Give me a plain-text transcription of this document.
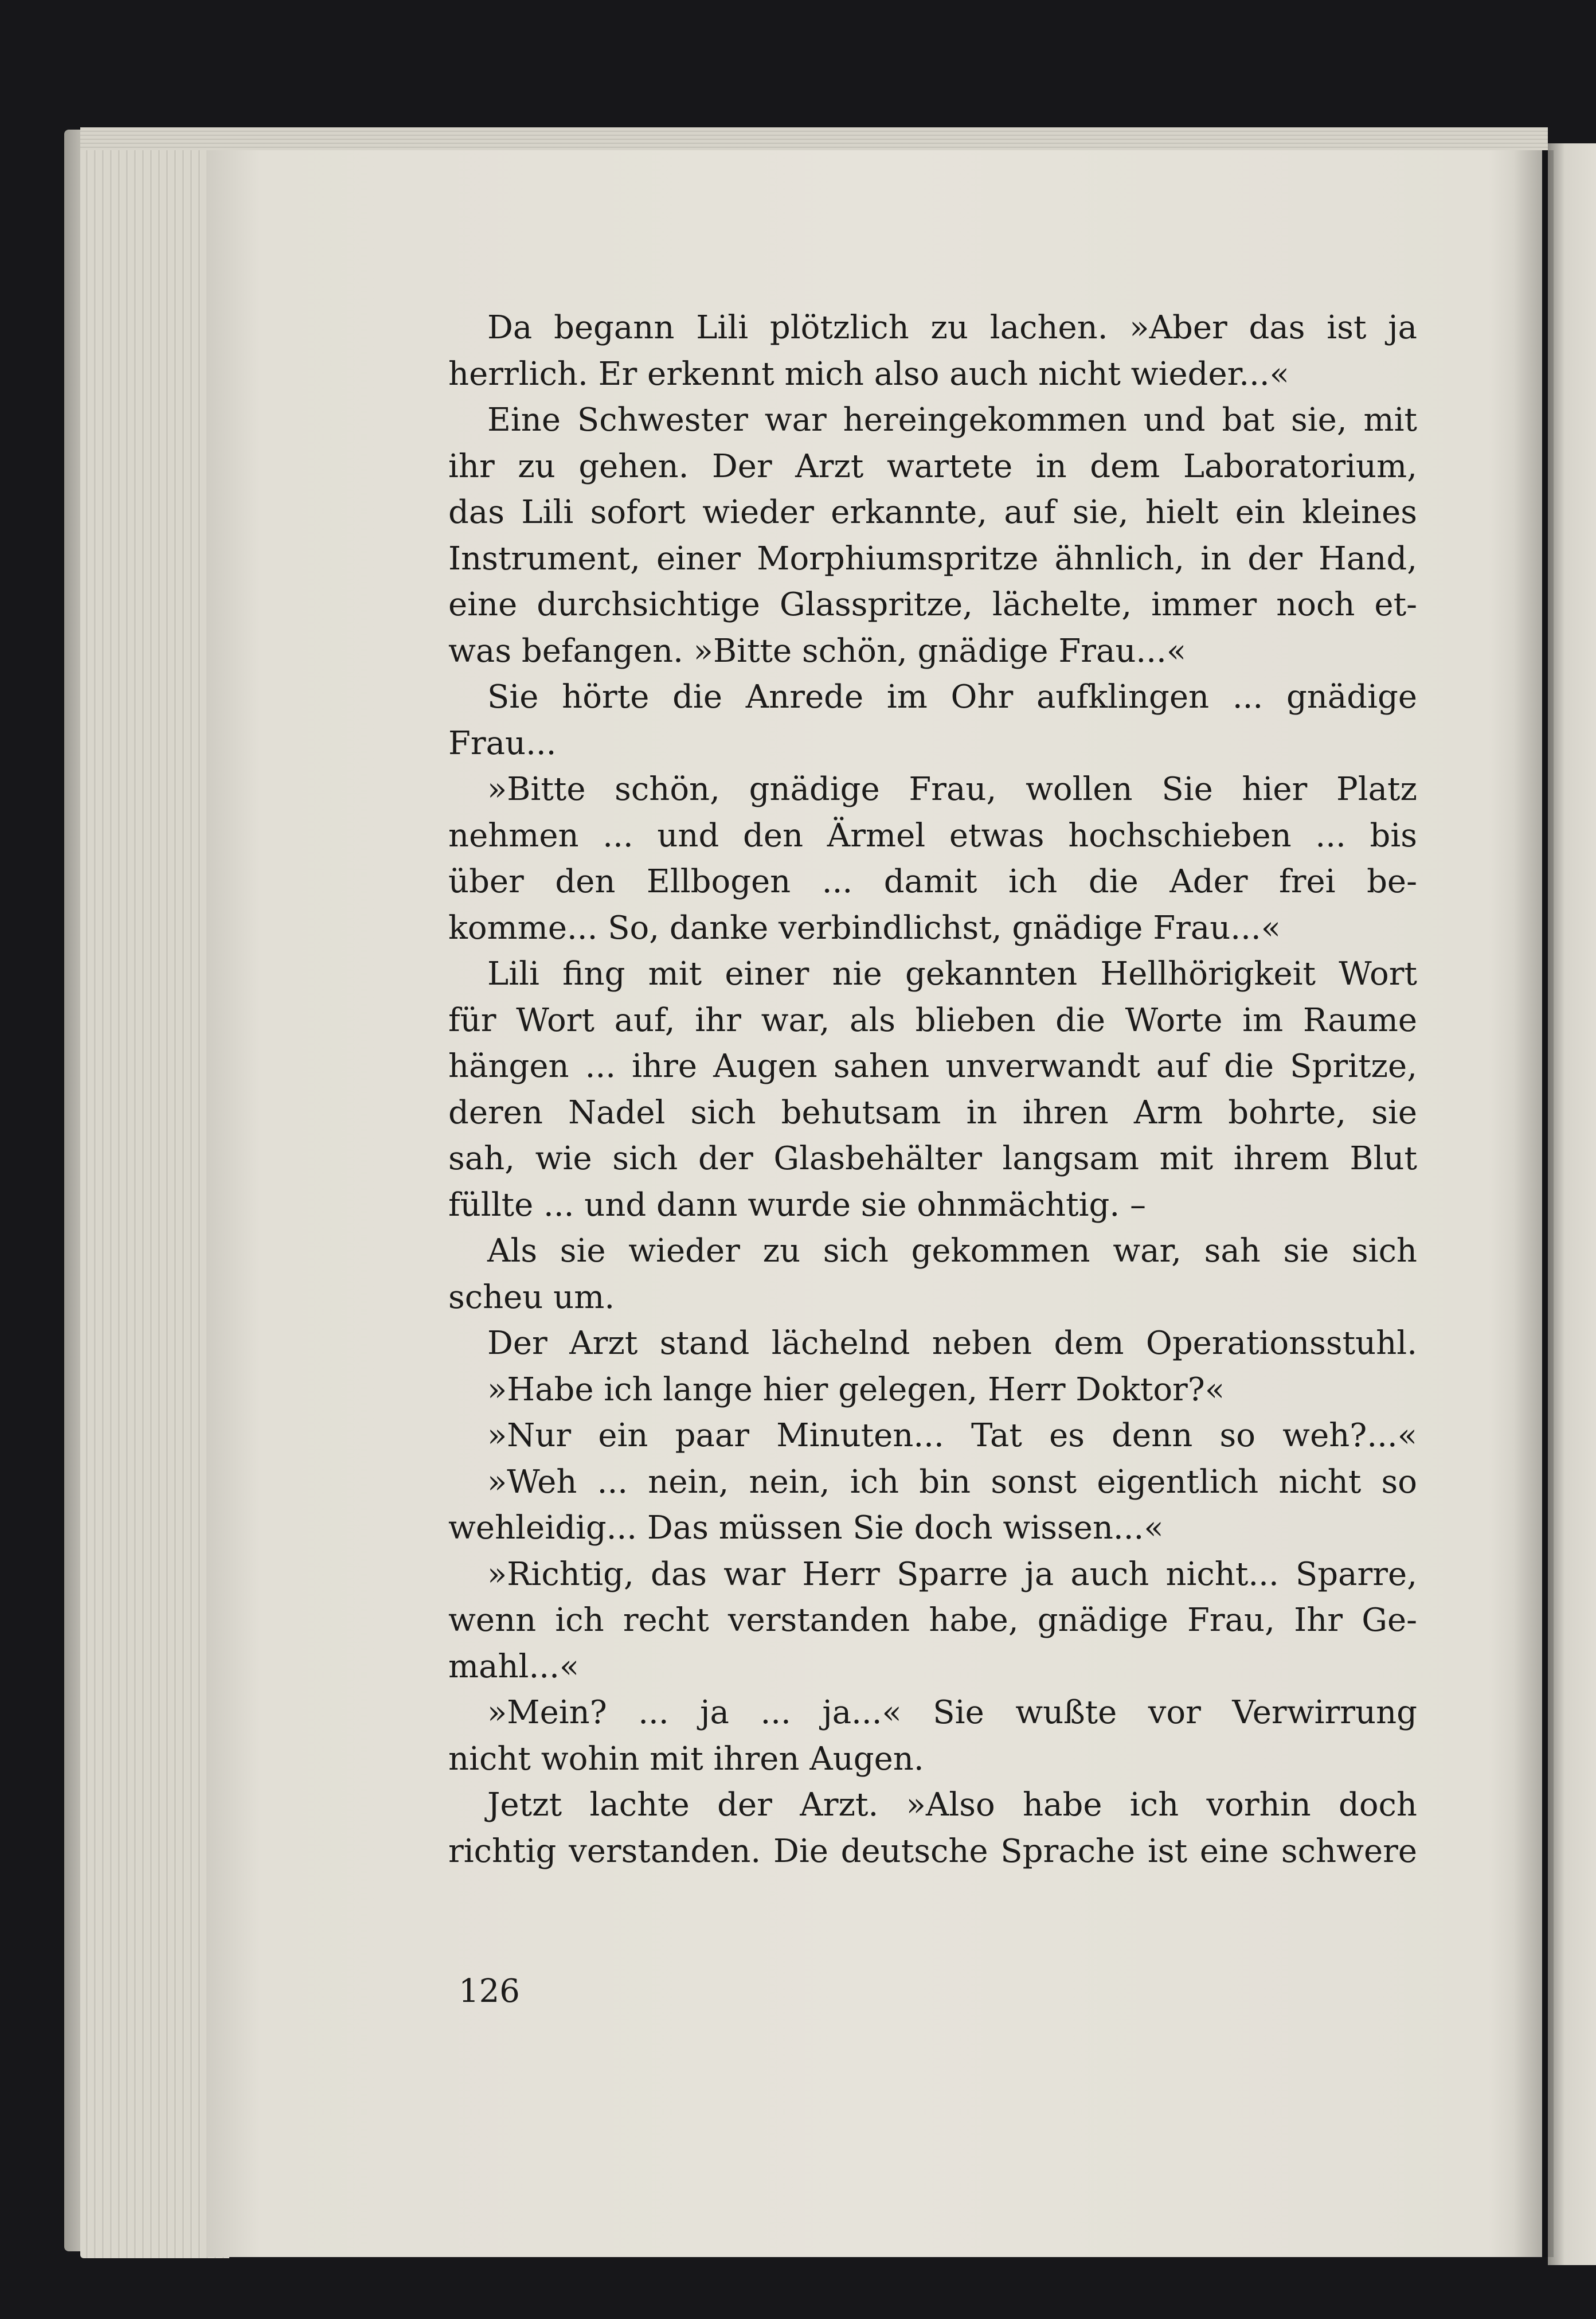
Da begann Lili plötzlich zu lachen. »Aber das ist ja
herrlich. Er erkennt mich also auch nicht wieder...«
Eine Schwester war hereingekommen und bat sie, mit
ihr zu gehen. Der Arzt wartete in dem Laboratorium,
das Lili sofort wieder erkannte, auf sie, hielt ein kleines
Instrument, einer Morphiumspritze ähnlich, in der Hand,
eine durchsichtige Glasspritze, lächelte, immer noch et-
was befangen. »Bitte schön, gnädige Frau...«
Sie hörte die Anrede im Ohr aufklingen ... gnädige
Frau...
»Bitte schön, gnädige Frau, wollen Sie hier Platz
nehmen ... und den Ärmel etwas hochschieben ... bis
über den Ellbogen ... damit ich die Ader frei be-
komme... So, danke verbindlichst, gnädige Frau...«
Lili fing mit einer nie gekannten Hellhörigkeit Wort
für Wort auf, ihr war, als blieben die Worte im Raume
hängen ... ihre Augen sahen unverwandt auf die Spritze,
deren Nadel sich behutsam in ihren Arm bohrte, sie
sah, wie sich der Glasbehälter langsam mit ihrem Blut
füllte ... und dann wurde sie ohnmächtig. –
Als sie wieder zu sich gekommen war, sah sie sich
scheu um.
Der Arzt stand lächelnd neben dem Operationsstuhl.
»Habe ich lange hier gelegen, Herr Doktor?«
»Nur ein paar Minuten... Tat es denn so weh?...«
»Weh ... nein, nein, ich bin sonst eigentlich nicht so
wehleidig... Das müssen Sie doch wissen...«
»Richtig, das war Herr Sparre ja auch nicht... Sparre,
wenn ich recht verstanden habe, gnädige Frau, Ihr Ge-
mahl...«
»Mein? ... ja ... ja...« Sie wußte vor Verwirrung
nicht wohin mit ihren Augen.
Jetzt lachte der Arzt. »Also habe ich vorhin doch
richtig verstanden. Die deutsche Sprache ist eine schwere
126
